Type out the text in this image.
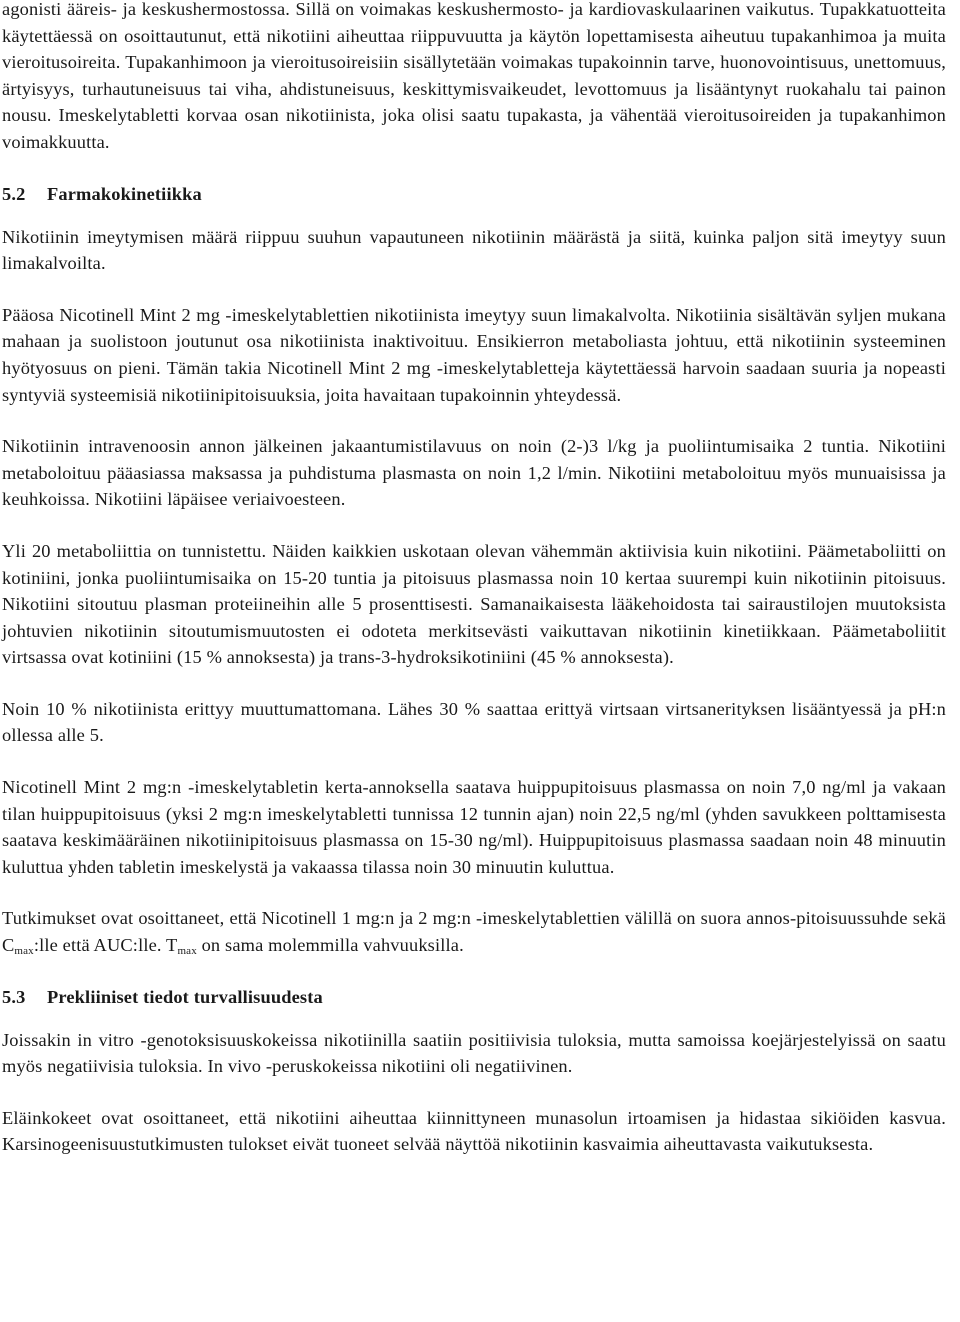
agonisti ääreis- ja keskushermostossa. Sillä on voimakas keskushermosto- ja kardiovaskulaarinen vaikutus. Tupakkatuotteita käytettäessä on osoittautunut, että nikotiini aiheuttaa riippuvuutta ja käytön lopettamisesta aiheutuu tupakanhimoa ja muita vieroitusoireita. Tupakanhimoon ja vieroitusoireisiin sisällytetään voimakas tupakoinnin tarve, huonovointisuus, unettomuus, ärtyisyys, turhautuneisuus tai viha, ahdistuneisuus, keskittymisvaikeudet, levottomuus ja lisääntynyt ruokahalu tai painon nousu. Imeskelytabletti korvaa osan nikotiinista, joka olisi saatu tupakasta, ja vähentää vieroitusoireiden ja tupakanhimon voimakkuutta.

5.2 Farmakokinetiikka

Nikotiinin imeytymisen määrä riippuu suuhun vapautuneen nikotiinin määrästä ja siitä, kuinka paljon sitä imeytyy suun limakalvoilta.

Pääosa Nicotinell Mint 2 mg -imeskelytablettien nikotiinista imeytyy suun limakalvolta. Nikotiinia sisältävän syljen mukana mahaan ja suolistoon joutunut osa nikotiinista inaktivoituu. Ensikierron metaboliasta johtuu, että nikotiinin systeeminen hyötyosuus on pieni. Tämän takia Nicotinell Mint 2 mg -imeskelytabletteja käytettäessä harvoin saadaan suuria ja nopeasti syntyviä systeemisiä nikotiinipitoisuuksia, joita havaitaan tupakoinnin yhteydessä.

Nikotiinin intravenoosin annon jälkeinen jakaantumistilavuus on noin (2-)3 l/kg ja puoliintumisaika 2 tuntia. Nikotiini metaboloituu pääasiassa maksassa ja puhdistuma plasmasta on noin 1,2 l/min. Nikotiini metaboloituu myös munuaisissa ja keuhkoissa. Nikotiini läpäisee veriaivoesteen.

Yli 20 metaboliittia on tunnistettu. Näiden kaikkien uskotaan olevan vähemmän aktiivisia kuin nikotiini. Päämetaboliitti on kotiniini, jonka puoliintumisaika on 15-20 tuntia ja pitoisuus plasmassa noin 10 kertaa suurempi kuin nikotiinin pitoisuus. Nikotiini sitoutuu plasman proteiineihin alle 5 prosenttisesti. Samanaikaisesta lääkehoidosta tai sairaustilojen muutoksista johtuvien nikotiinin sitoutumismuutosten ei odoteta merkitsevästi vaikuttavan nikotiinin kinetiikkaan. Päämetaboliitit virtsassa ovat kotiniini (15 % annoksesta) ja trans-3-hydroksikotiniini (45 % annoksesta).

Noin 10 % nikotiinista erittyy muuttumattomana. Lähes 30 % saattaa erittyä virtsaan virtsanerityksen lisääntyessä ja pH:n ollessa alle 5.

Nicotinell Mint 2 mg:n -imeskelytabletin kerta-annoksella saatava huippupitoisuus plasmassa on noin 7,0 ng/ml ja vakaan tilan huippupitoisuus (yksi 2 mg:n imeskelytabletti tunnissa 12 tunnin ajan) noin 22,5 ng/ml (yhden savukkeen polttamisesta saatava keskimääräinen nikotiinipitoisuus plasmassa on 15-30 ng/ml). Huippupitoisuus plasmassa saadaan noin 48 minuutin kuluttua yhden tabletin imeskelystä ja vakaassa tilassa noin 30 minuutin kuluttua.

Tutkimukset ovat osoittaneet, että Nicotinell 1 mg:n ja 2 mg:n -imeskelytablettien välillä on suora annos-pitoisuussuhde sekä $C_{max}:lle$ että AUC:lle. $T_{max}$ on sama molemmilla vahvuuksilla.

5.3 Prekliiniset tiedot turvallisuudesta

Joissakin in vitro -genotoksisuuskokeissa nikotiinilla saatiin positiivisia tuloksia, mutta samoissa koejärjestelyissä on saatu myös negatiivisia tuloksia. In vivo -peruskokeissa nikotiini oli negatiivinen.

Eläinkokeet ovat osoittaneet, että nikotiini aiheuttaa kiinnittyneen munasolun irtoamisen ja hidastaa sikiöiden kasvua. Karsinogeenisuustutkimusten tulokset eivät tuoneet selvää näyttöä nikotiinin kasvaimia aiheuttavasta vaikutuksesta.
